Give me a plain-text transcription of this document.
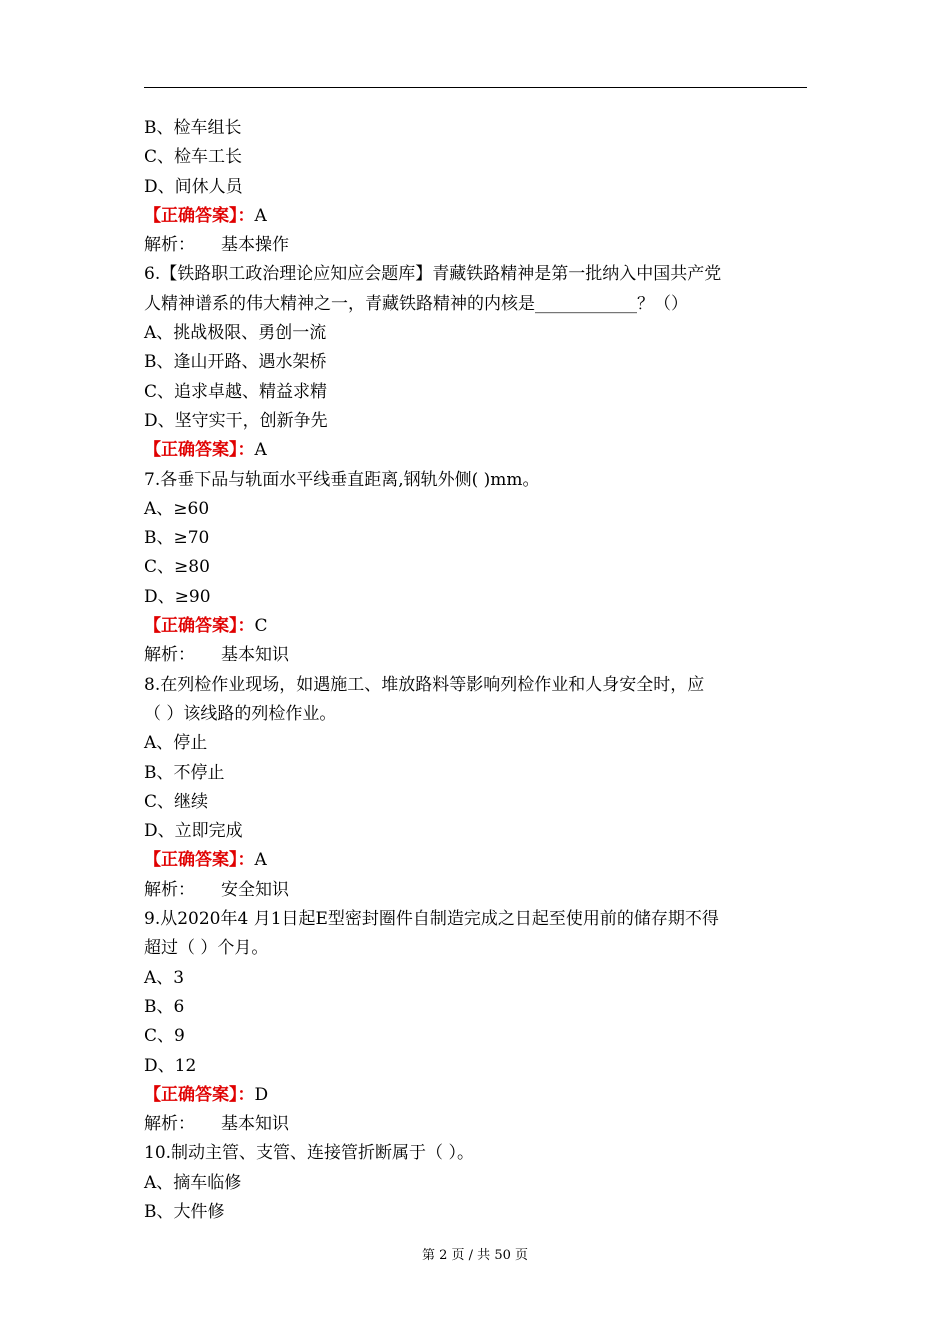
B、检车组长
C、检车工长
D、间休人员
【正确答案】：A
解析： 基本操作
6.【铁路职工政治理论应知应会题库】青藏铁路精神是第一批纳入中国共产党
人精神谱系的伟大精神之一，青藏铁路精神的内核是____________？（）
A、挑战极限、勇创一流
B、逢山开路、遇水架桥
C、追求卓越、精益求精
D、坚守实干，创新争先
【正确答案】：A
7.各垂下品与轨面水平线垂直距离,钢轨外侧( )mm。
A、≥60
B、≥70
C、≥80
D、≥90
【正确答案】：C
解析： 基本知识
8.在列检作业现场，如遇施工、堆放路料等影响列检作业和人身安全时，应
（ ）该线路的列检作业。
A、停止
B、不停止
C、继续
D、立即完成
【正确答案】：A
解析： 安全知识
9.从2020年4 月1日起E型密封圈件自制造完成之日起至使用前的储存期不得
超过（ ）个月。
A、3
B、6
C、9
D、12
【正确答案】：D
解析： 基本知识
10.制动主管、支管、连接管折断属于（ ）。
A、摘车临修
B、大件修
第 2 页 / 共 50 页
